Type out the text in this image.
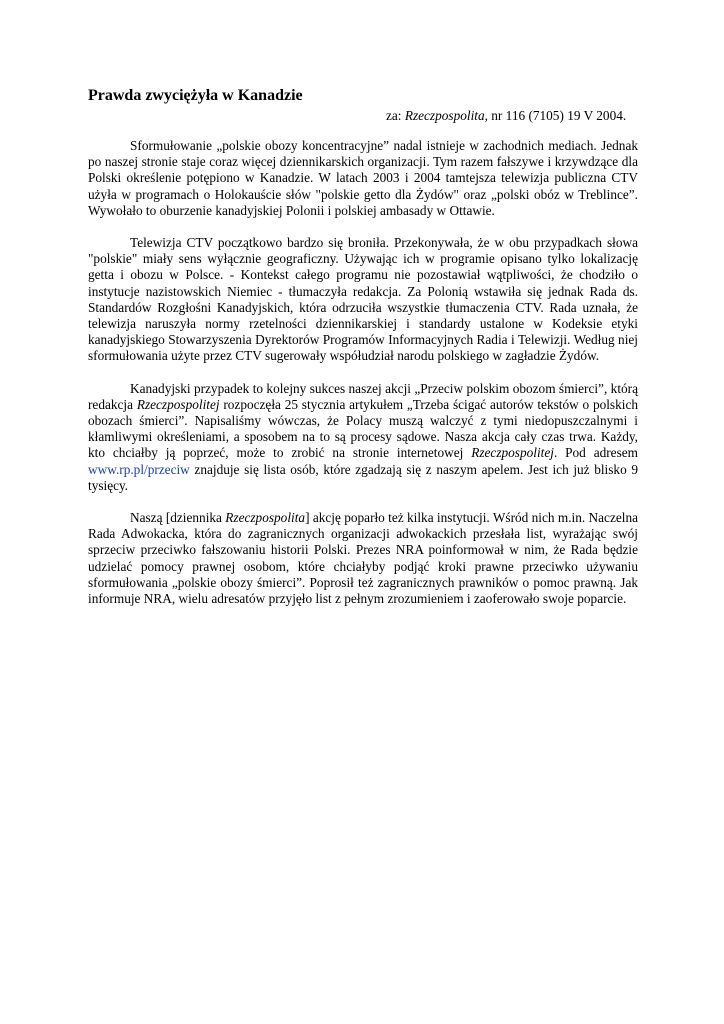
Prawda zwyciężyła w Kanadzie
za: Rzeczpospolita, nr 116 (7105) 19 V 2004.

Sformułowanie „polskie obozy koncentracyjne” nadal istnieje w zachodnich mediach. Jednak po naszej stronie staje coraz więcej dziennikarskich organizacji. Tym razem fałszywe i krzywdzące dla Polski określenie potępiono w Kanadzie. W latach 2003 i 2004 tamtejsza telewizja publiczna CTV użyła w programach o Holokauście słów "polskie getto dla Żydów" oraz „polski obóz w Treblince”. Wywołało to oburzenie kanadyjskiej Polonii i polskiej ambasady w Ottawie.

Telewizja CTV początkowo bardzo się broniła. Przekonywała, że w obu przypadkach słowa "polskie" miały sens wyłącznie geograficzny. Używając ich w programie opisano tylko lokalizację getta i obozu w Polsce. - Kontekst całego programu nie pozostawiał wątpliwości, że chodziło o instytucje nazistowskich Niemiec - tłumaczyła redakcja. Za Polonią wstawiła się jednak Rada ds. Standardów Rozgłośni Kanadyjskich, która odrzuciła wszystkie tłumaczenia CTV. Rada uznała, że telewizja naruszyła normy rzetelności dziennikarskiej i standardy ustalone w Kodeksie etyki kanadyjskiego Stowarzyszenia Dyrektorów Programów Informacyjnych Radia i Telewizji. Według niej sformułowania użyte przez CTV sugerowały współudział narodu polskiego w zagładzie Żydów.

Kanadyjski przypadek to kolejny sukces naszej akcji „Przeciw polskim obozom śmierci”, którą redakcja Rzeczpospolitej rozpoczęła 25 stycznia artykułem „Trzeba ścigać autorów tekstów o polskich obozach śmierci”. Napisaliśmy wówczas, że Polacy muszą walczyć z tymi niedopuszczalnymi i kłamliwymi określeniami, a sposobem na to są procesy sądowe. Nasza akcja cały czas trwa. Każdy, kto chciałby ją poprzeć, może to zrobić na stronie internetowej Rzeczpospolitej. Pod adresem www.rp.pl/przeciw znajduje się lista osób, które zgadzają się z naszym apelem. Jest ich już blisko 9 tysięcy.

Naszą [dziennika Rzeczpospolita] akcję poparło też kilka instytucji. Wśród nich m.in. Naczelna Rada Adwokacka, która do zagranicznych organizacji adwokackich przesłała list, wyrażając swój sprzeciw przeciwko fałszowaniu historii Polski. Prezes NRA poinformował w nim, że Rada będzie udzielać pomocy prawnej osobom, które chciałyby podjąć kroki prawne przeciwko używaniu sformułowania „polskie obozy śmierci”. Poprosił też zagranicznych prawników o pomoc prawną. Jak informuje NRA, wielu adresatów przyjęło list z pełnym zrozumieniem i zaoferowało swoje poparcie.
